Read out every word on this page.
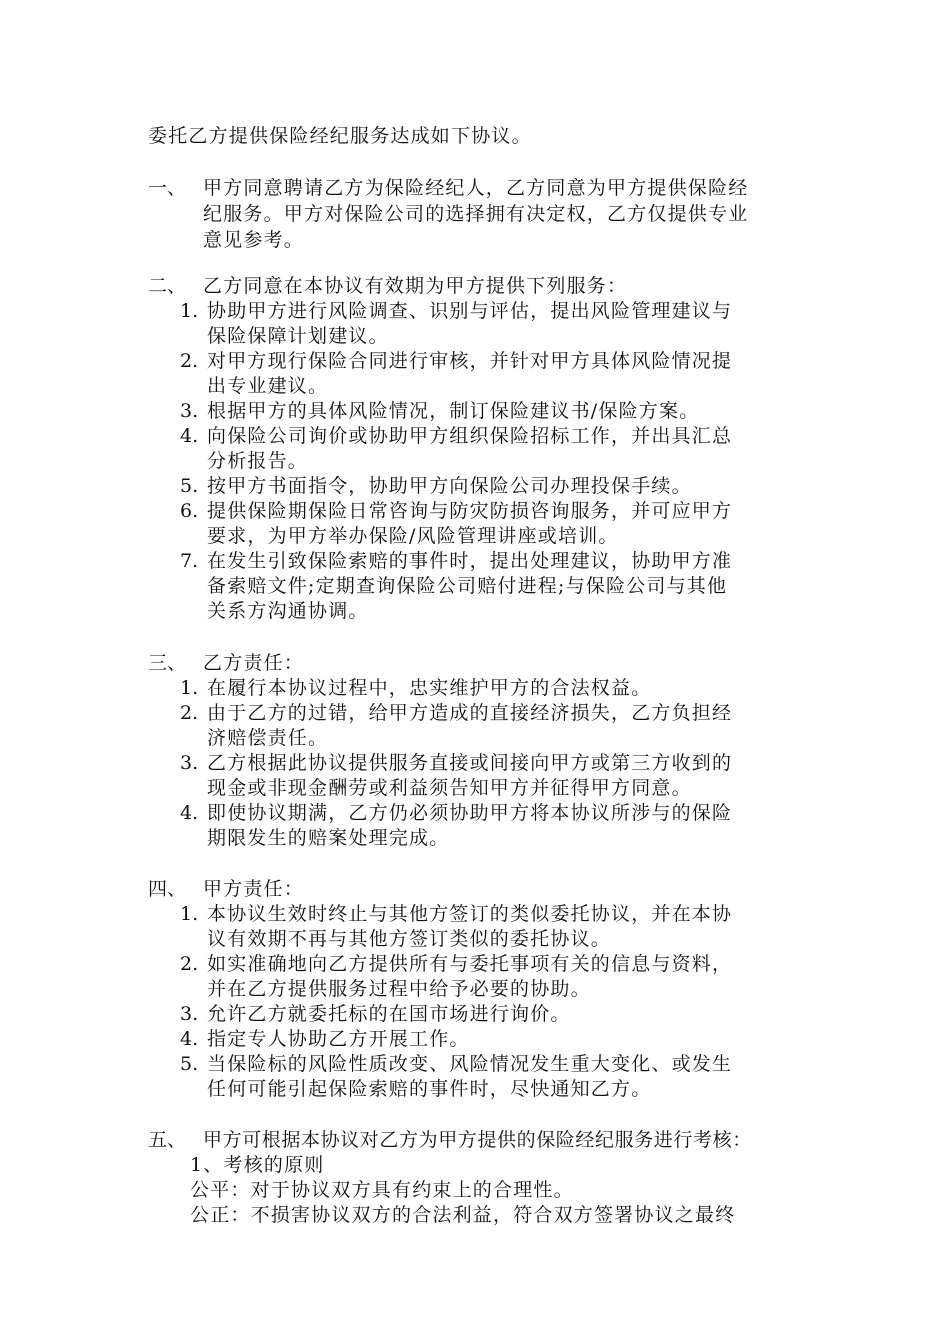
委托乙方提供保险经纪服务达成如下协议。
一、 甲方同意聘请乙方为保险经纪人，乙方同意为甲方提供保险经
纪服务。甲方对保险公司的选择拥有决定权，乙方仅提供专业
意见参考。
二、 乙方同意在本协议有效期为甲方提供下列服务：
1. 协助甲方进行风险调查、识别与评估，提出风险管理建议与
保险保障计划建议。
2. 对甲方现行保险合同进行审核，并针对甲方具体风险情况提
出专业建议。
3. 根据甲方的具体风险情况，制订保险建议书/保险方案。
4. 向保险公司询价或协助甲方组织保险招标工作，并出具汇总
分析报告。
5. 按甲方书面指令，协助甲方向保险公司办理投保手续。
6. 提供保险期保险日常咨询与防灾防损咨询服务，并可应甲方
要求，为甲方举办保险/风险管理讲座或培训。
7. 在发生引致保险索赔的事件时，提出处理建议，协助甲方准
备索赔文件;定期查询保险公司赔付进程;与保险公司与其他
关系方沟通协调。
三、 乙方责任：
1. 在履行本协议过程中，忠实维护甲方的合法权益。
2. 由于乙方的过错，给甲方造成的直接经济损失，乙方负担经
济赔偿责任。
3. 乙方根据此协议提供服务直接或间接向甲方或第三方收到的
现金或非现金酬劳或利益须告知甲方并征得甲方同意。
4. 即使协议期满，乙方仍必须协助甲方将本协议所涉与的保险
期限发生的赔案处理完成。
四、 甲方责任：
1. 本协议生效时终止与其他方签订的类似委托协议，并在本协
议有效期不再与其他方签订类似的委托协议。
2. 如实准确地向乙方提供所有与委托事项有关的信息与资料，
并在乙方提供服务过程中给予必要的协助。
3. 允许乙方就委托标的在国市场进行询价。
4. 指定专人协助乙方开展工作。
5. 当保险标的风险性质改变、风险情况发生重大变化、或发生
任何可能引起保险索赔的事件时，尽快通知乙方。
五、 甲方可根据本协议对乙方为甲方提供的保险经纪服务进行考核：
1、考核的原则
公平：对于协议双方具有约束上的合理性。
公正：不损害协议双方的合法利益，符合双方签署协议之最终
